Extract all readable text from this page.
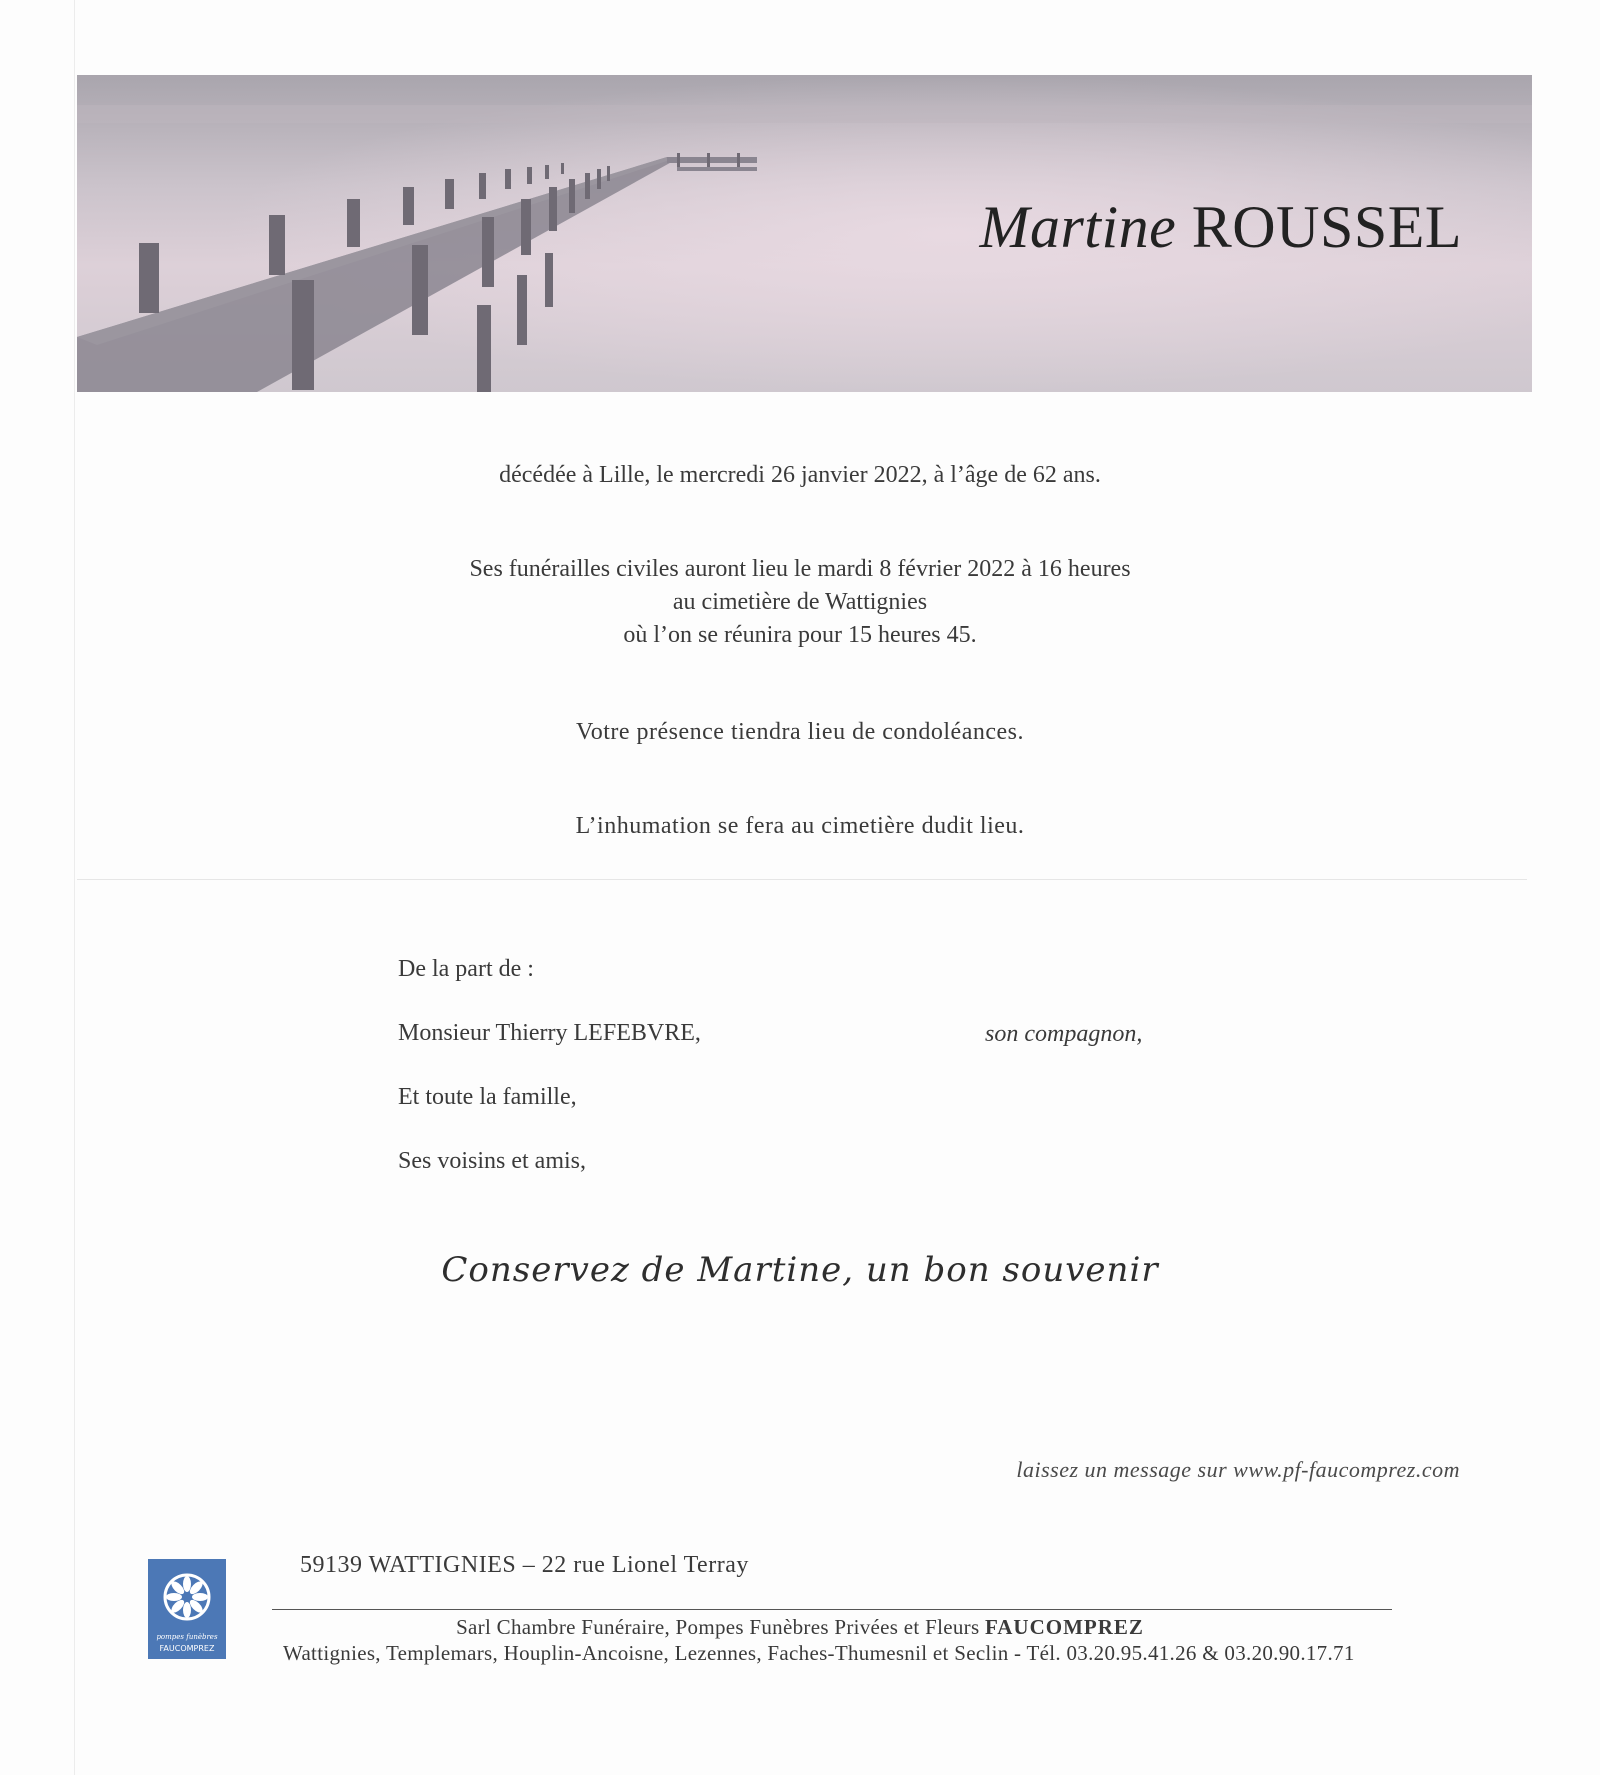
Martine ROUSSEL
décédée à Lille, le mercredi 26 janvier 2022, à l’âge de 62 ans.
Ses funérailles civiles auront lieu le mardi 8 février 2022 à 16 heures
au cimetière de Wattignies
où l’on se réunira pour 15 heures 45.
Votre présence tiendra lieu de condoléances.
L’inhumation se fera au cimetière dudit lieu.
De la part de :
Monsieur Thierry LEFEBVRE,	son compagnon,
Et toute la famille,
Ses voisins et amis,
Conservez de Martine, un bon souvenir
laissez un message sur www.pf-faucomprez.com
pompes funèbres
FAUCOMPREZ
59139 WATTIGNIES – 22 rue Lionel Terray
Sarl Chambre Funéraire, Pompes Funèbres Privées et Fleurs FAUCOMPREZ
Wattignies, Templemars, Houplin-Ancoisne, Lezennes, Faches-Thumesnil et Seclin - Tél. 03.20.95.41.26 & 03.20.90.17.71
